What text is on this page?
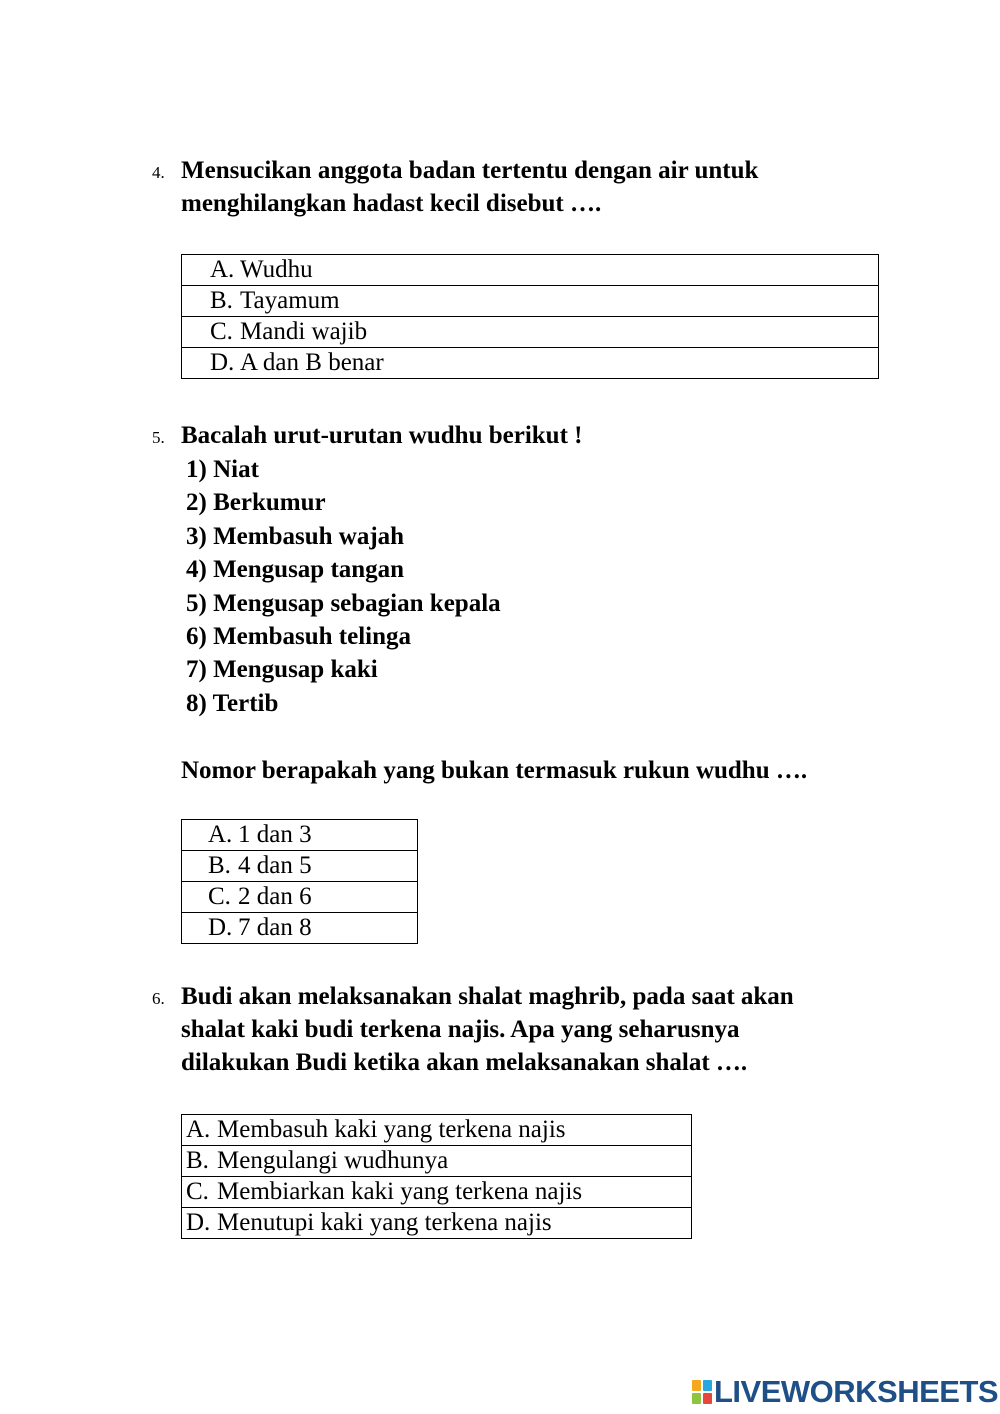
4. Mensucikan anggota badan tertentu dengan air untuk
menghilangkan hadast kecil disebut ….
A. Wudhu
B. Tayamum
C. Mandi wajib
D. A dan B benar
5. Bacalah urut-urutan wudhu berikut !
1) Niat
2) Berkumur
3) Membasuh wajah
4) Mengusap tangan
5) Mengusap sebagian kepala
6) Membasuh telinga
7) Mengusap kaki
8) Tertib
Nomor berapakah yang bukan termasuk rukun wudhu ….
A. 1 dan 3
B. 4 dan 5
C. 2 dan 6
D. 7 dan 8
6. Budi akan melaksanakan shalat maghrib, pada saat akan
shalat kaki budi terkena najis. Apa yang seharusnya
dilakukan Budi ketika akan melaksanakan shalat ….
A. Membasuh kaki yang terkena najis
B. Mengulangi wudhunya
C. Membiarkan kaki yang terkena najis
D. Menutupi kaki yang terkena najis
LIVEWORKSHEETS
